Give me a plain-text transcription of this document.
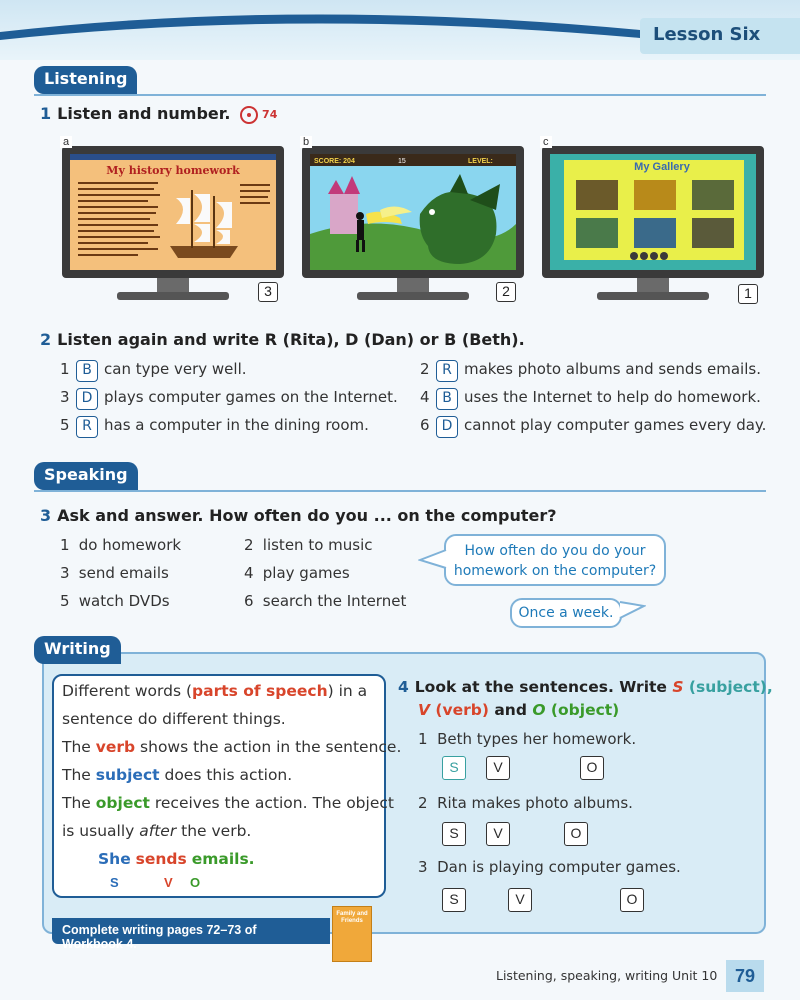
Lesson Six
Listening
1 Listen and number.	74
My history homework
a
3
SCORE: 204	15	LEVEL:
b
2
My Gallery
c
1
2 Listen again and write R (Rita), D (Dan) or B (Beth).
1 B can type very well.	2 R makes photo albums and sends emails.
3 D plays computer games on the Internet. 4 B uses the Internet to help do homework.
5 R has a computer in the dining room.	6 D cannot play computer games every day.
Speaking
3 Ask and answer. How often do you ... on the computer?
1 do homework	2 listen to music
3 send emails	4 play games
5 watch DVDs	6 search the Internet
How often do you do your
homework on the computer?
Once a week.
Writing
Different words (parts of speech) in a
sentence do different things.
The verb shows the action in the sentence.
The subject does this action.
The object receives the action. The object
is usually after the verb.
She sends emails.
S	V O
4 Look at the sentences. Write S (subject),
V (verb) and O (object)
1 Beth types her homework.
S	V	O
2 Rita makes photo albums.
S	V	O
3 Dan is playing computer games.
S	V	O
Complete writing pages 72–73 of Workbook 4.
Family and Friends
Listening, speaking, writing Unit 10 79
